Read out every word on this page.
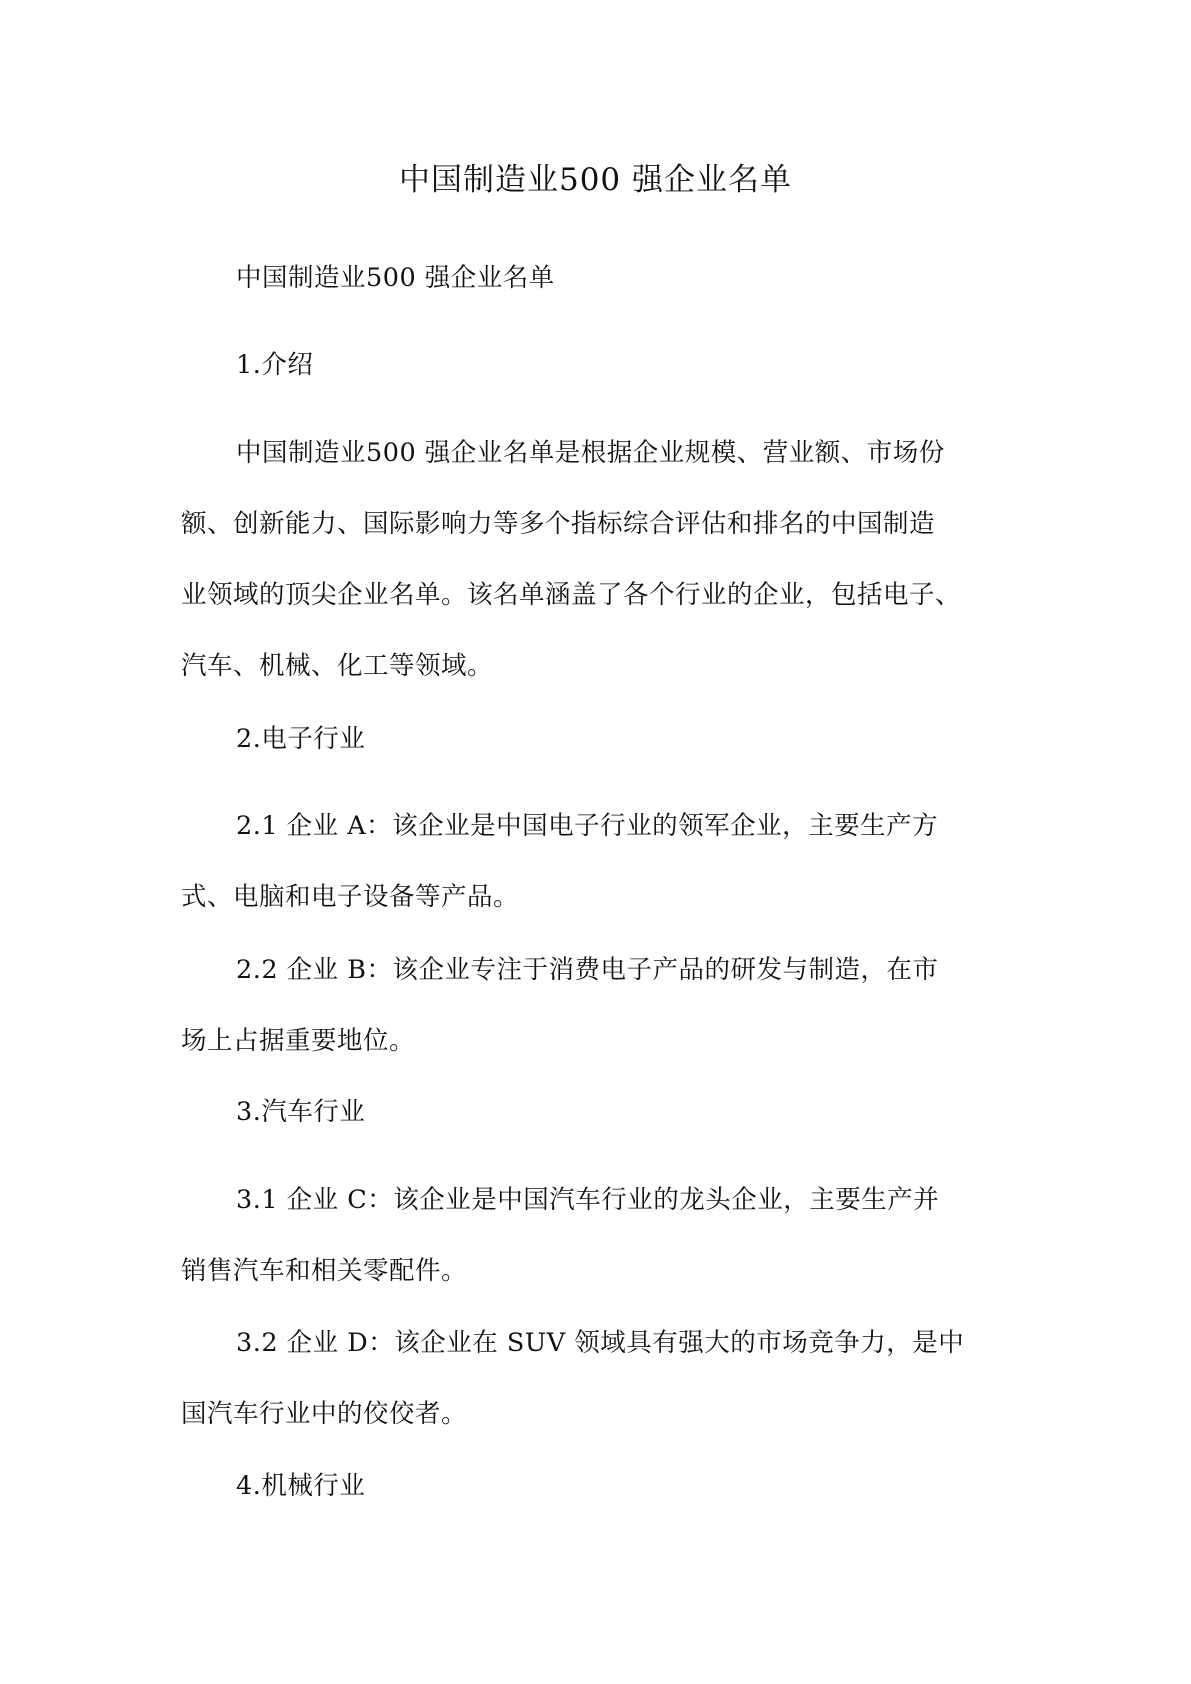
中国制造业500 强企业名单

中国制造业500 强企业名单

1.介绍

中国制造业500 强企业名单是根据企业规模、营业额、市场份
额、创新能力、国际影响力等多个指标综合评估和排名的中国制造
业领域的顶尖企业名单。该名单涵盖了各个行业的企业，包括电子、
汽车、机械、化工等领域。

2.电子行业

2.1 企业 A：该企业是中国电子行业的领军企业，主要生产方
式、电脑和电子设备等产品。

2.2 企业 B：该企业专注于消费电子产品的研发与制造，在市
场上占据重要地位。

3.汽车行业

3.1 企业 C：该企业是中国汽车行业的龙头企业，主要生产并
销售汽车和相关零配件。

3.2 企业 D：该企业在 SUV 领域具有强大的市场竞争力，是中
国汽车行业中的佼佼者。

4.机械行业
